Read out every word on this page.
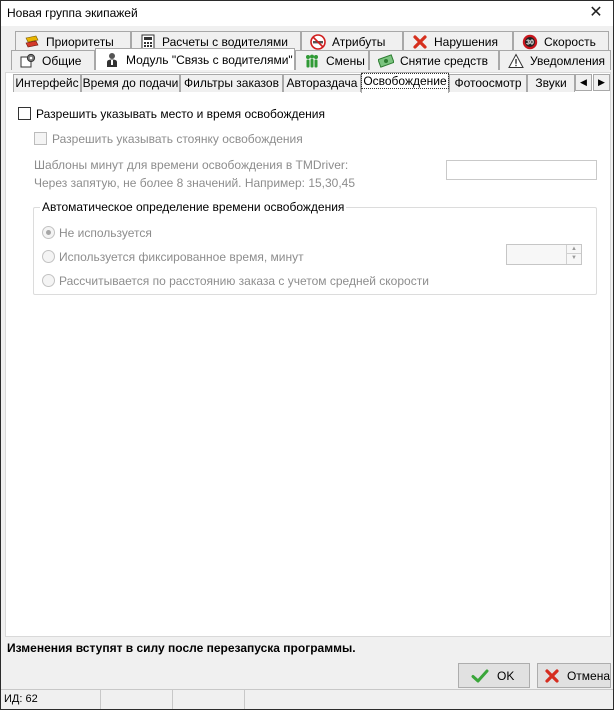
Новая группа экипажей	✕
Приоритеты	Расчеты с водителями	Атрибуты	Нарушения	30 Скорость
Общие	Модуль "Связь с водителями"	Смены	Снятие средств	Уведомления
Интерфейс Время до подачи Фильтры заказов Автораздача Освобождение Фотоосмотр	Звуки	◀	▶
Разрешить указывать место и время освобождения
Разрешить указывать стоянку освобождения
Шаблоны минут для времени освобождения в TMDriver:
Через запятую, не более 8 значений. Например: 15,30,45
Автоматическое определение времени освобождения
Не используется
Используется фиксированное время, минут
▲
▼
Рассчитывается по расстоянию заказа с учетом средней скорости
Изменения вступят в силу после перезапуска программы.
OK	Отмена
ИД: 62
